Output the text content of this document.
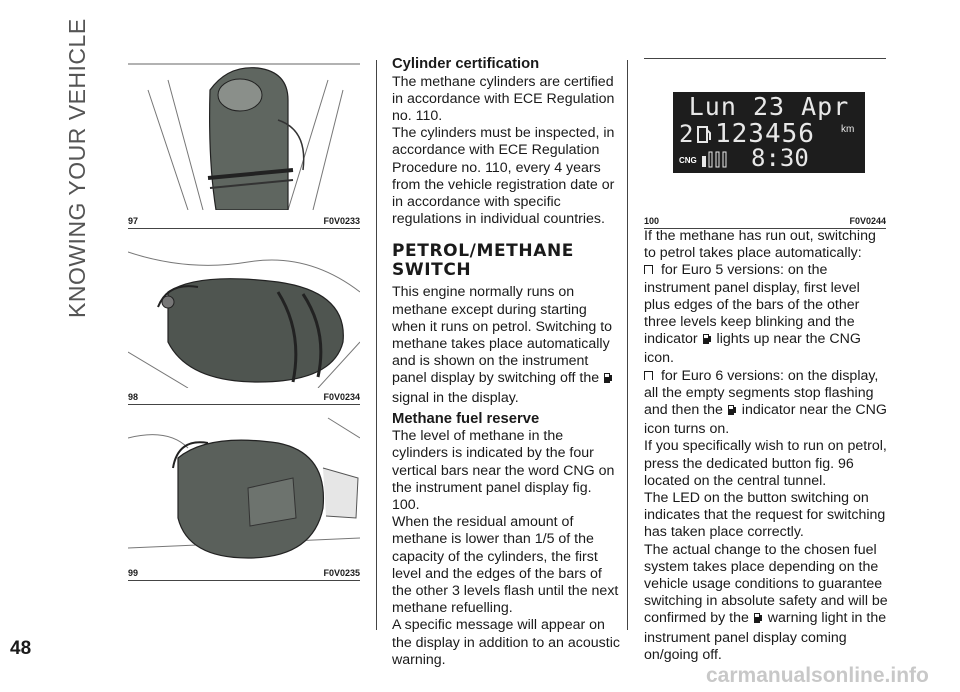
KNOWING YOUR VEHICLE	97	F0V0233
98	F0V0234
99	F0V0235
Cylinder certification

The methane cylinders are certified in accordance with ECE Regulation no. 110.

The cylinders must be inspected, in accordance with ECE Regulation Procedure no. 110, every 4 years from the vehicle registration date or in accordance with specific regulations in individual countries.

PETROL/METHANE
SWITCH

This engine normally runs on methane except during starting when it runs on petrol. Switching to methane takes place automatically and is shown on the instrument panel display by switching off the  signal in the display.

Methane fuel reserve

The level of methane in the cylinders is indicated by the four vertical bars near the word CNG on the instrument panel display fig. 100.

When the residual amount of methane is lower than 1/5 of the capacity of the cylinders, the first level and the edges of the bars of the other 3 levels flash until the next methane refuelling.

A specific message will appear on the display in addition to an acoustic warning.

Lun 23 Apr
2 123456	km
8:30
CNG
100	F0V0244

If the methane has run out, switching to petrol takes place automatically:

for Euro 5 versions: on the instrument panel display, first level plus edges of the bars of the other three levels keep blinking and the indicator lights up near the CNG icon.

for Euro 6 versions: on the display, all the empty segments stop flashing and then the indicator near the CNG icon turns on.

If you specifically wish to run on petrol, press the dedicated button fig. 96 located on the central tunnel.

The LED on the button switching on indicates that the request for switching has taken place correctly.

The actual change to the chosen fuel system takes place depending on the vehicle usage conditions to guarantee switching in absolute safety and will be confirmed by the warning light in the instrument panel display coming on/going off.

48
carmanualsonline.info
